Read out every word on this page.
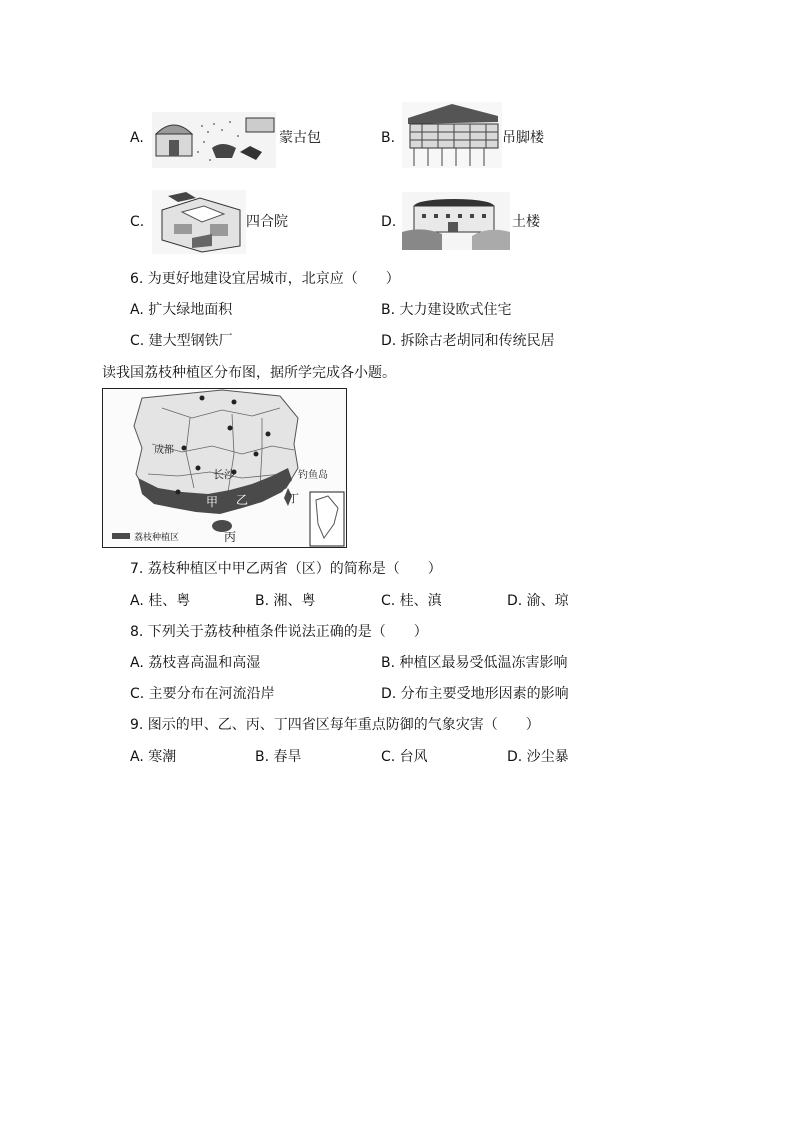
A.	蒙古包	B.	吊脚楼
C.	四合院	D.	土楼
6. 为更好地建设宜居城市，北京应（　　）
A. 扩大绿地面积	B. 大力建设欧式住宅
C. 建大型钢铁厂	D. 拆除古老胡同和传统民居
读我国荔枝种植区分布图，据所学完成各小题。
成都
长沙	钓鱼岛
甲 乙
丙
丁
荔枝种植区
7. 荔枝种植区中甲乙两省（区）的简称是（　　）
A. 桂、粤	B. 湘、粤	C. 桂、滇	D. 渝、琼
8. 下列关于荔枝种植条件说法正确的是（　　）
A. 荔枝喜高温和高湿	B. 种植区最易受低温冻害影响
C. 主要分布在河流沿岸	D. 分布主要受地形因素的影响
9. 图示的甲、乙、丙、丁四省区每年重点防御的气象灾害（　　）
A. 寒潮	B. 春旱	C. 台风	D. 沙尘暴
